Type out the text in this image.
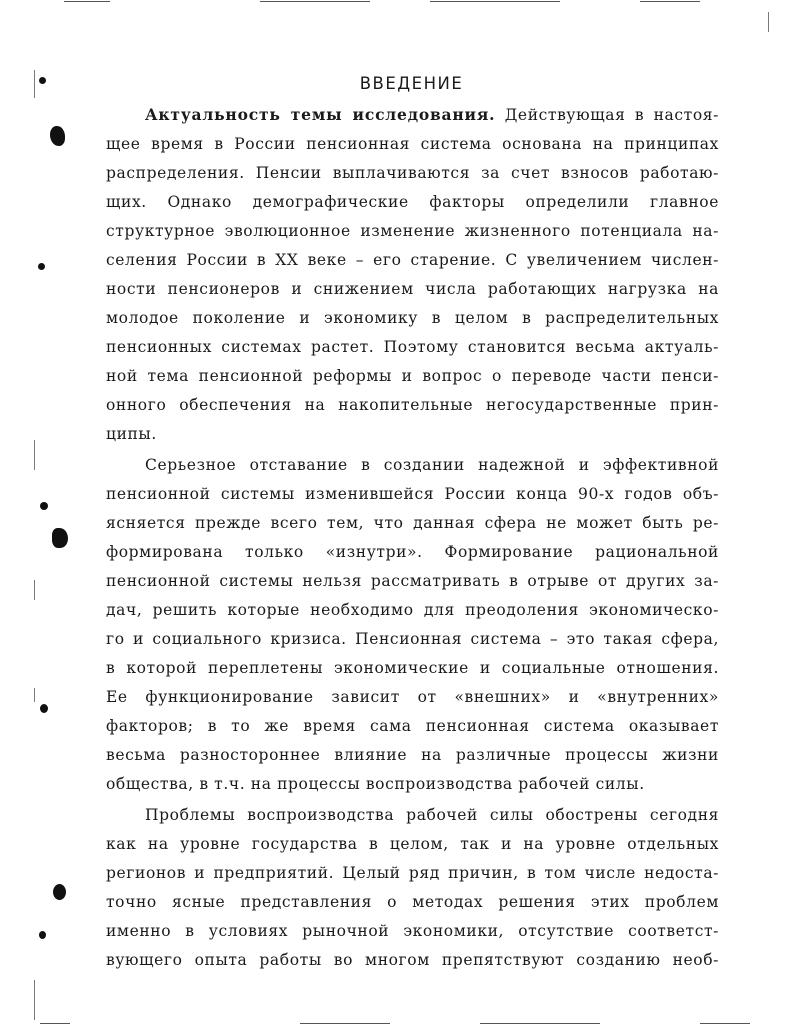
ВВЕДЕНИЕ
Актуальность темы исследования. Действующая в настоя-
щее время в России пенсионная система основана на принципах
распределения. Пенсии выплачиваются за счет взносов работаю-
щих. Однако демографические факторы определили главное
структурное эволюционное изменение жизненного потенциала на-
селения России в XX веке – его старение. С увеличением числен-
ности пенсионеров и снижением числа работающих нагрузка на
молодое поколение и экономику в целом в распределительных
пенсионных системах растет. Поэтому становится весьма актуаль-
ной тема пенсионной реформы и вопрос о переводе части пенси-
онного обеспечения на накопительные негосударственные прин-
ципы.
Серьезное отставание в создании надежной и эффективной
пенсионной системы изменившейся России конца 90-х годов объ-
ясняется прежде всего тем, что данная сфера не может быть ре-
формирована только «изнутри». Формирование рациональной
пенсионной системы нельзя рассматривать в отрыве от других за-
дач, решить которые необходимо для преодоления экономическо-
го и социального кризиса. Пенсионная система – это такая сфера,
в которой переплетены экономические и социальные отношения.
Ее функционирование зависит от «внешних» и «внутренних»
факторов; в то же время сама пенсионная система оказывает
весьма разностороннее влияние на различные процессы жизни
общества, в т.ч. на процессы воспроизводства рабочей силы.
Проблемы воспроизводства рабочей силы обострены сегодня
как на уровне государства в целом, так и на уровне отдельных
регионов и предприятий. Целый ряд причин, в том числе недоста-
точно ясные представления о методах решения этих проблем
именно в условиях рыночной экономики, отсутствие соответст-
вующего опыта работы во многом препятствуют созданию необ-
